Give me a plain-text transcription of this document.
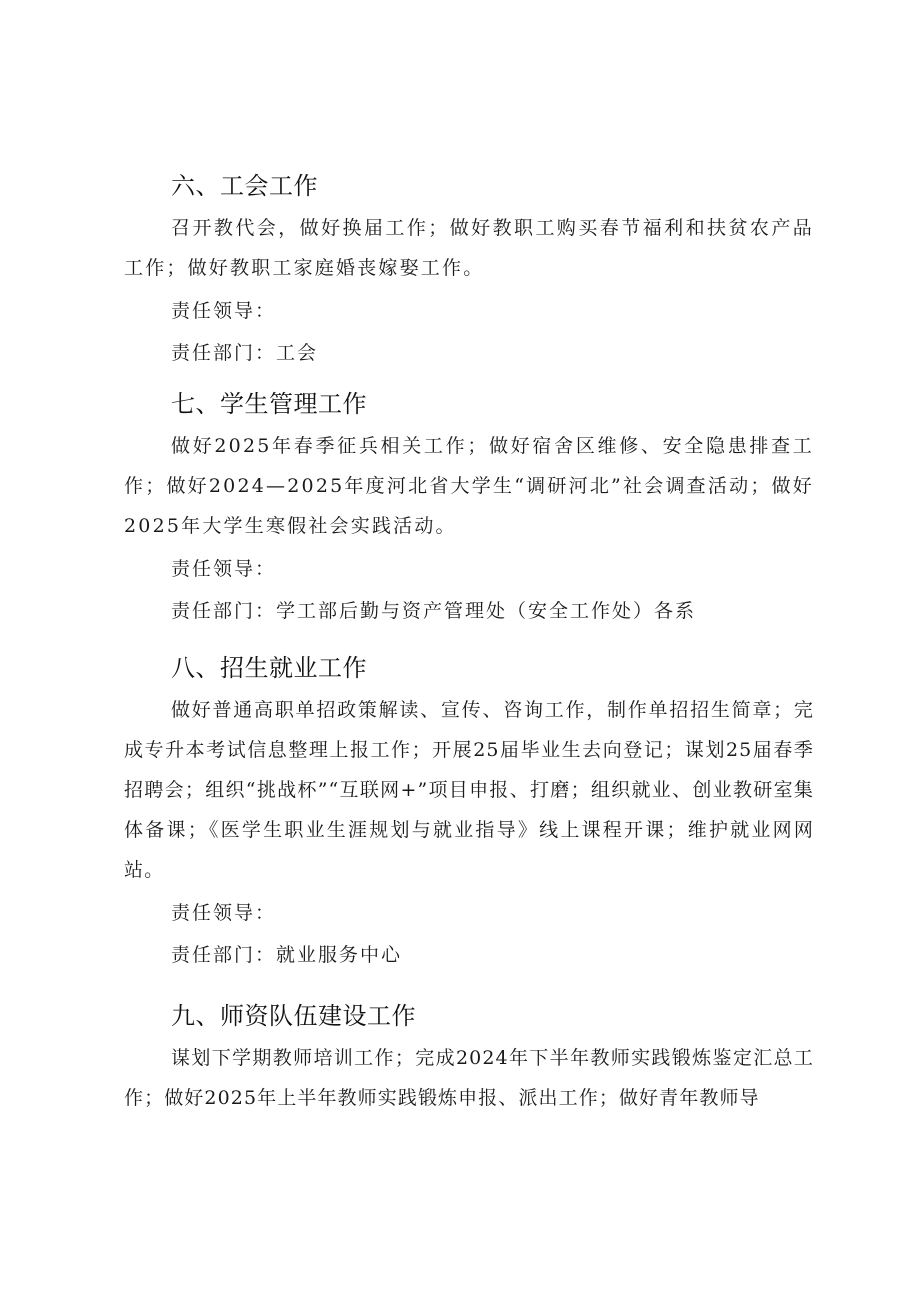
六、工会工作

召开教代会，做好换届工作；做好教职工购买春节福利和扶贫农产品工作；做好教职工家庭婚丧嫁娶工作。

责任领导：

责任部门：工会

七、学生管理工作

做好2025年春季征兵相关工作；做好宿舍区维修、安全隐患排查工作；做好2024—2025年度河北省大学生“调研河北”社会调查活动；做好2025年大学生寒假社会实践活动。

责任领导：

责任部门：学工部后勤与资产管理处（安全工作处）各系

八、招生就业工作

做好普通高职单招政策解读、宣传、咨询工作，制作单招招生简章；完成专升本考试信息整理上报工作；开展25届毕业生去向登记；谋划25届春季招聘会；组织“挑战杯”“互联网+”项目申报、打磨；组织就业、创业教研室集体备课；《医学生职业生涯规划与就业指导》线上课程开课；维护就业网网站。

责任领导：

责任部门：就业服务中心

九、师资队伍建设工作

谋划下学期教师培训工作；完成2024年下半年教师实践锻炼鉴定汇总工作；做好2025年上半年教师实践锻炼申报、派出工作；做好青年教师导
